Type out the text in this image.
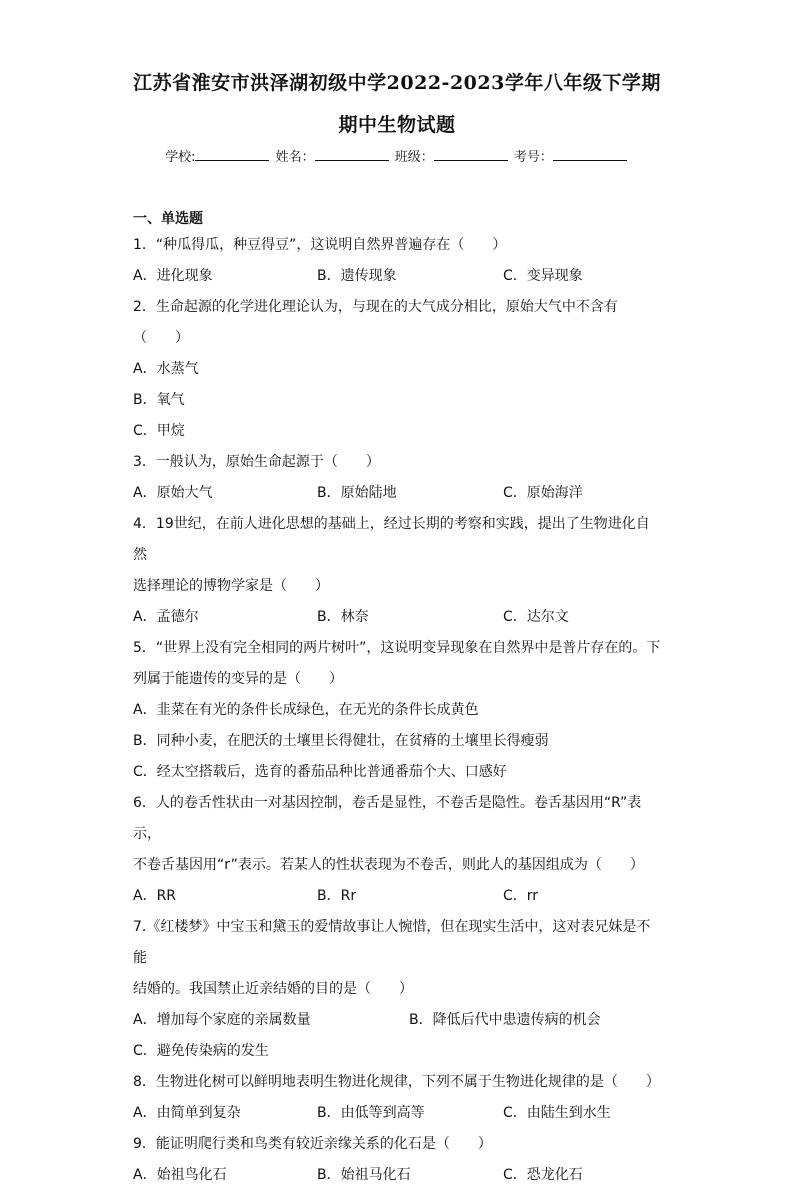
江苏省淮安市洪泽湖初级中学2022-2023学年八年级下学期
期中生物试题
学校:	姓名：	班级：	考号：
一、单选题

1．“种瓜得瓜，种豆得豆”，这说明自然界普遍存在（　　）

A．进化现象	B．遗传现象	C．变异现象

2．生命起源的化学进化理论认为，与现在的大气成分相比，原始大气中不含有（　　）

A．水蒸气
B．氧气
C．甲烷

3．一般认为，原始生命起源于（　　）

A．原始大气	B．原始陆地	C．原始海洋

4．19世纪，在前人进化思想的基础上，经过长期的考察和实践，提出了生物进化自然

选择理论的博物学家是（　　）

A．孟德尔	B．林奈	C．达尔文

5．“世界上没有完全相同的两片树叶”，这说明变异现象在自然界中是普片存在的。下

列属于能遗传的变异的是（　　）

A．韭菜在有光的条件长成绿色，在无光的条件长成黄色
B．同种小麦，在肥沃的土壤里长得健壮，在贫瘠的土壤里长得瘦弱
C．经太空搭载后，选育的番茄品种比普通番茄个大、口感好

6．人的卷舌性状由一对基因控制，卷舌是显性，不卷舌是隐性。卷舌基因用“R”表示，

不卷舌基因用“r”表示。若某人的性状表现为不卷舌，则此人的基因组成为（　　）

A．RR	B．Rr	C．rr

7.《红楼梦》中宝玉和黛玉的爱情故事让人惋惜，但在现实生活中，这对表兄妹是不能

结婚的。我国禁止近亲结婚的目的是（　　）

A．增加每个家庭的亲属数量	B．降低后代中患遗传病的机会
C．避免传染病的发生

8．生物进化树可以鲜明地表明生物进化规律，下列不属于生物进化规律的是（　　）

A．由简单到复杂	B．由低等到高等	C．由陆生到水生

9．能证明爬行类和鸟类有较近亲缘关系的化石是（　　）

A．始祖鸟化石	B．始祖马化石	C．恐龙化石
